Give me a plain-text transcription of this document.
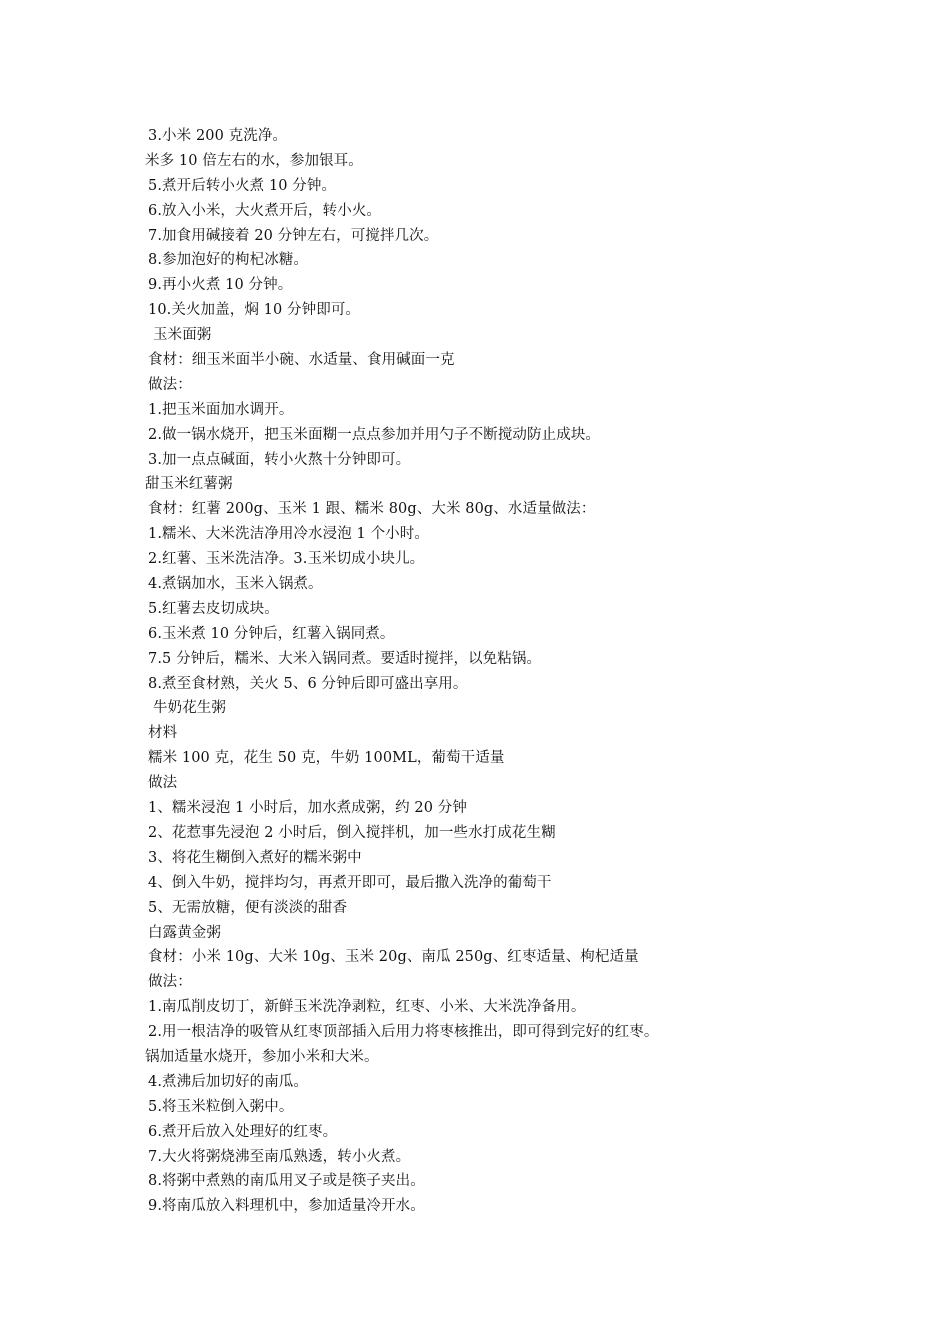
3.小米 200 克洗净。
米多 10 倍左右的水，参加银耳。
5.煮开后转小火煮 10 分钟。
6.放入小米，大火煮开后，转小火。
7.加食用碱接着 20 分钟左右，可搅拌几次。
8.参加泡好的枸杞冰糖。
9.再小火煮 10 分钟。
10.关火加盖，焖 10 分钟即可。
玉米面粥
食材：细玉米面半小碗、水适量、食用碱面一克
做法：
1.把玉米面加水调开。
2.做一锅水烧开，把玉米面糊一点点参加并用勺子不断搅动防止成块。
3.加一点点碱面，转小火熬十分钟即可。
甜玉米红薯粥
食材：红薯 200g、玉米 1 跟、糯米 80g、大米 80g、水适量做法：
1.糯米、大米洗洁净用冷水浸泡 1 个小时。
2.红薯、玉米洗洁净。3.玉米切成小块儿。
4.煮锅加水，玉米入锅煮。
5.红薯去皮切成块。
6.玉米煮 10 分钟后，红薯入锅同煮。
7.5 分钟后，糯米、大米入锅同煮。要适时搅拌，以免粘锅。
8.煮至食材熟，关火 5、6 分钟后即可盛出享用。
牛奶花生粥
材料
糯米 100 克，花生 50 克，牛奶 100ML，葡萄干适量
做法
1、糯米浸泡 1 小时后，加水煮成粥，约 20 分钟
2、花惹事先浸泡 2 小时后，倒入搅拌机，加一些水打成花生糊
3、将花生糊倒入煮好的糯米粥中
4、倒入牛奶，搅拌均匀，再煮开即可，最后撒入洗净的葡萄干
5、无需放糖，便有淡淡的甜香
白露黄金粥
食材：小米 10g、大米 10g、玉米 20g、南瓜 250g、红枣适量、枸杞适量
做法：
1.南瓜削皮切丁，新鲜玉米洗净剥粒，红枣、小米、大米洗净备用。
2.用一根洁净的吸管从红枣顶部插入后用力将枣核推出，即可得到完好的红枣。
锅加适量水烧开，参加小米和大米。
4.煮沸后加切好的南瓜。
5.将玉米粒倒入粥中。
6.煮开后放入处理好的红枣。
7.大火将粥烧沸至南瓜熟透，转小火煮。
8.将粥中煮熟的南瓜用叉子或是筷子夹出。
9.将南瓜放入料理机中，参加适量冷开水。
